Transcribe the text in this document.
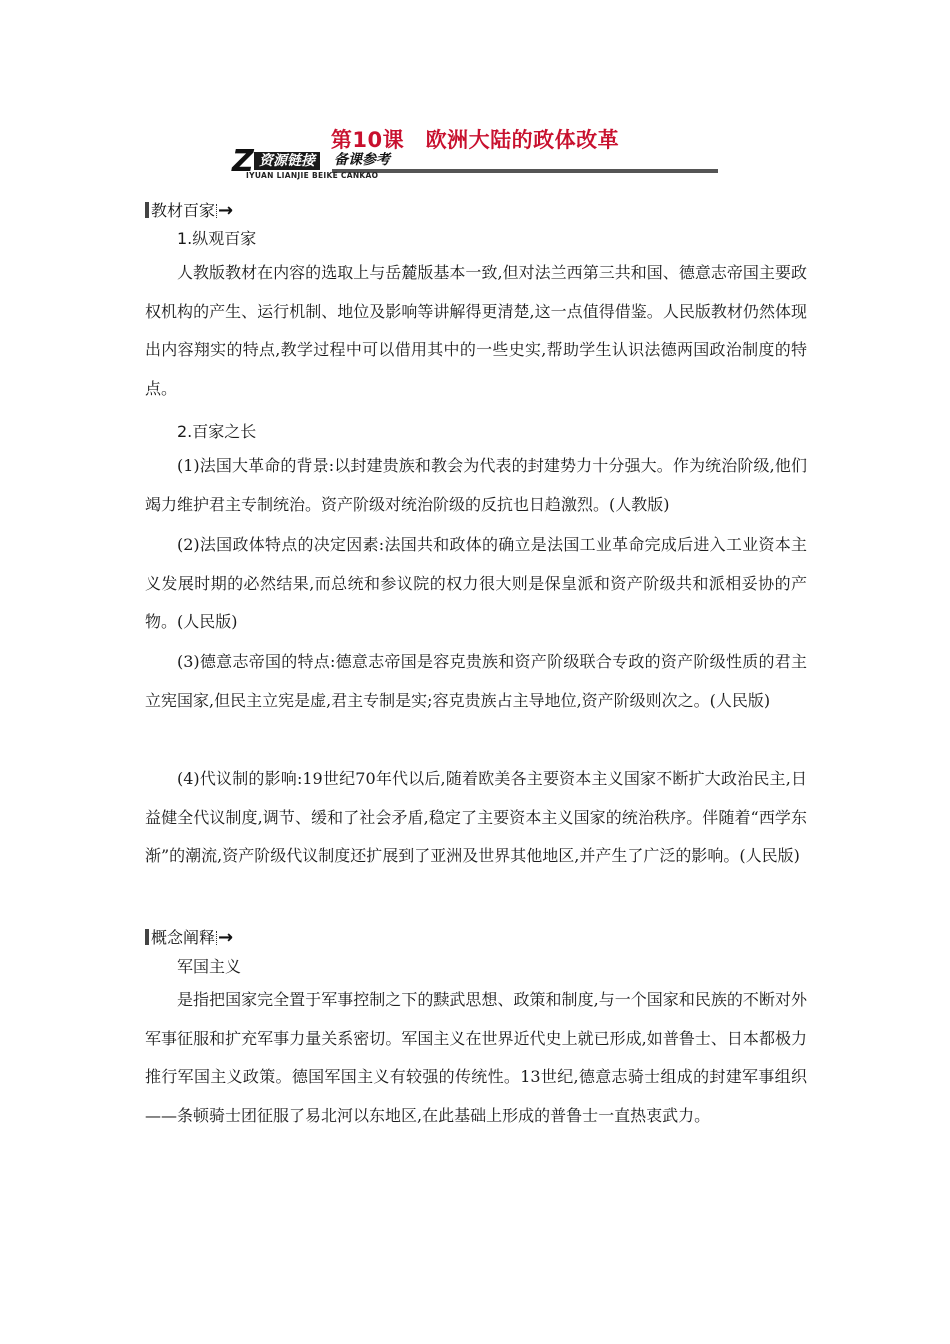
第10课　欧洲大陆的政体改革
Z 资源链接	备课参考
IYUAN LIANJIE BEIKE CANKAO
教材百家 →
1.纵观百家

人教版教材在内容的选取上与岳麓版基本一致,但对法兰西第三共和国、德意志帝国主要政权机构的产生、运行机制、地位及影响等讲解得更清楚,这一点值得借鉴。人民版教材仍然体现出内容翔实的特点,教学过程中可以借用其中的一些史实,帮助学生认识法德两国政治制度的特点。

2.百家之长

(1)法国大革命的背景:以封建贵族和教会为代表的封建势力十分强大。作为统治阶级,他们竭力维护君主专制统治。资产阶级对统治阶级的反抗也日趋激烈。(人教版)

(2)法国政体特点的决定因素:法国共和政体的确立是法国工业革命完成后进入工业资本主义发展时期的必然结果,而总统和参议院的权力很大则是保皇派和资产阶级共和派相妥协的产物。(人民版)

(3)德意志帝国的特点:德意志帝国是容克贵族和资产阶级联合专政的资产阶级性质的君主立宪国家,但民主立宪是虚,君主专制是实;容克贵族占主导地位,资产阶级则次之。(人民版)

(4)代议制的影响:19世纪70年代以后,随着欧美各主要资本主义国家不断扩大政治民主,日益健全代议制度,调节、缓和了社会矛盾,稳定了主要资本主义国家的统治秩序。伴随着“西学东渐”的潮流,资产阶级代议制度还扩展到了亚洲及世界其他地区,并产生了广泛的影响。(人民版)

概念阐释 →
军国主义

是指把国家完全置于军事控制之下的黩武思想、政策和制度,与一个国家和民族的不断对外军事征服和扩充军事力量关系密切。军国主义在世界近代史上就已形成,如普鲁士、日本都极力推行军国主义政策。德国军国主义有较强的传统性。13世纪,德意志骑士组成的封建军事组织——条顿骑士团征服了易北河以东地区,在此基础上形成的普鲁士一直热衷武力。
